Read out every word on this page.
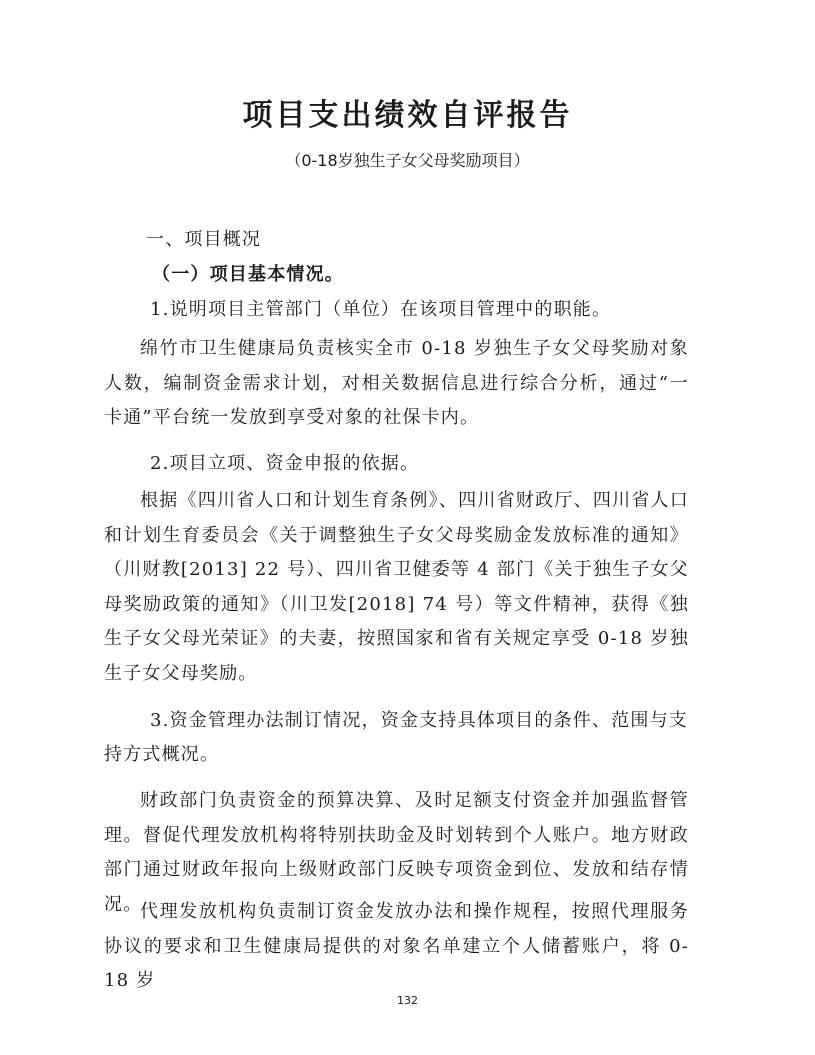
项目支出绩效自评报告
（0-18岁独生子女父母奖励项目）
一、项目概况
（一）项目基本情况。
1.说明项目主管部门（单位）在该项目管理中的职能。
绵竹市卫生健康局负责核实全市 0-18 岁独生子女父母奖励对象人数，编制资金需求计划，对相关数据信息进行综合分析，通过“一卡通”平台统一发放到享受对象的社保卡内。
2.项目立项、资金申报的依据。
根据《四川省人口和计划生育条例》、四川省财政厅、四川省人口和计划生育委员会《关于调整独生子女父母奖励金发放标准的通知》（川财教[2013] 22 号）、四川省卫健委等 4 部门《关于独生子女父母奖励政策的通知》（川卫发[2018] 74 号）等文件精神，获得《独生子女父母光荣证》的夫妻，按照国家和省有关规定享受 0-18 岁独生子女父母奖励。
3.资金管理办法制订情况，资金支持具体项目的条件、范围与支
持方式概况。
财政部门负责资金的预算决算、及时足额支付资金并加强监督管理。督促代理发放机构将特别扶助金及时划转到个人账户。地方财政部门通过财政年报向上级财政部门反映专项资金到位、发放和结存情况。
代理发放机构负责制订资金发放办法和操作规程，按照代理服务协议的要求和卫生健康局提供的对象名单建立个人储蓄账户，将 0-18 岁
132
